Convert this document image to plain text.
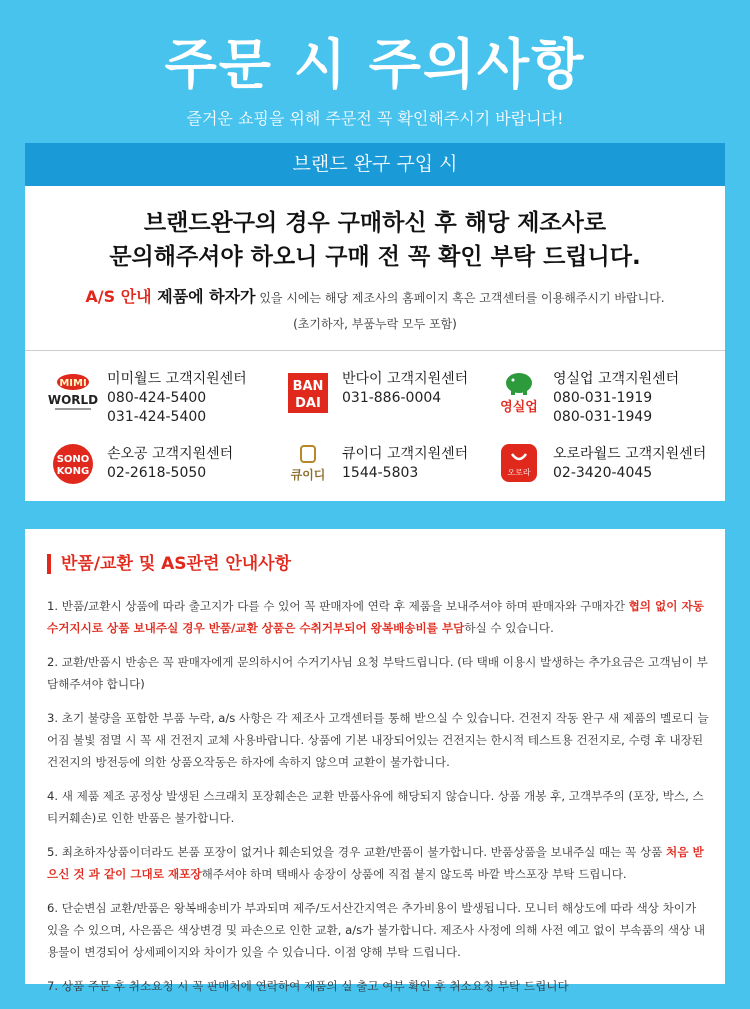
주문 시 주의사항
즐거운 쇼핑을 위해 주문전 꼭 확인해주시기 바랍니다!
브랜드 완구 구입 시
브랜드완구의 경우 구매하신 후 해당 제조사로
문의해주셔야 하오니 구매 전 꼭 확인 부탁 드립니다.
A/S 안내 제품에 하자가 있을 시에는 해당 제조사의 홈페이지 혹은 고객센터를 이용해주시기 바랍니다.
(초기하자, 부품누락 모두 포함)
MIMI
WORLD
미미월드 고객지원센터
080-424-5400
031-424-5400
BAN
DAI
반다이 고객지원센터
031-886-0004
영실업
영실업 고객지원센터
080-031-1919
080-031-1949
SONO
KONG
손오공 고객지원센터
02-2618-5050	큐이디
큐이디 고객지원센터
1544-5803	오로라
오로라월드 고객지원센터
02-3420-4045
반품/교환 및 AS관련 안내사항
1. 반품/교환시 상품에 따라 출고지가 다를 수 있어 꼭 판매자에 연락 후 제품을 보내주셔야 하며 판매자와 구매자간 협의 없이 자동수거지시로 상품 보내주실 경우 반품/교환 상품은 수취거부되어 왕복배송비를 부담하실 수 있습니다.
2. 교환/반품시 반송은 꼭 판매자에게 문의하시어 수거기사님 요청 부탁드립니다. (타 택배 이용시 발생하는 추가요금은 고객님이 부담해주셔야 합니다)
3. 초기 불량을 포함한 부품 누락, a/s 사항은 각 제조사 고객센터를 통해 받으실 수 있습니다. 건전지 작동 완구 새 제품의 멜로디 늘어짐 불빛 점멸 시 꼭 새 건전지 교체 사용바랍니다. 상품에 기본 내장되어있는 건전지는 한시적 테스트용 건전지로, 수령 후 내장된 건전지의 방전등에 의한 상품오작동은 하자에 속하지 않으며 교환이 불가합니다.
4. 새 제품 제조 공정상 발생된 스크래치 포장훼손은 교환 반품사유에 해당되지 않습니다. 상품 개봉 후, 고객부주의 (포장, 박스, 스티커훼손)로 인한 반품은 불가합니다.
5. 최초하자상품이더라도 본품 포장이 없거나 훼손되었을 경우 교환/반품이 불가합니다. 반품상품을 보내주실 때는 꼭 상품 처음 받으신 것 과 같이 그대로 재포장해주셔야 하며 택배사 송장이 상품에 직접 붙지 않도록 바깥 박스포장 부탁 드립니다.
6. 단순변심 교환/반품은 왕복배송비가 부과되며 제주/도서산간지역은 추가비용이 발생됩니다. 모니터 해상도에 따라 색상 차이가 있을 수 있으며, 사은품은 색상변경 및 파손으로 인한 교환, a/s가 불가합니다. 제조사 사정에 의해 사전 예고 없이 부속품의 색상 내용물이 변경되어 상세페이지와 차이가 있을 수 있습니다. 이점 양해 부탁 드립니다.
7. 상품 주문 후 취소요청 시 꼭 판매처에 연락하여 제품의 실 출고 여부 확인 후 취소요청 부탁 드립니다
